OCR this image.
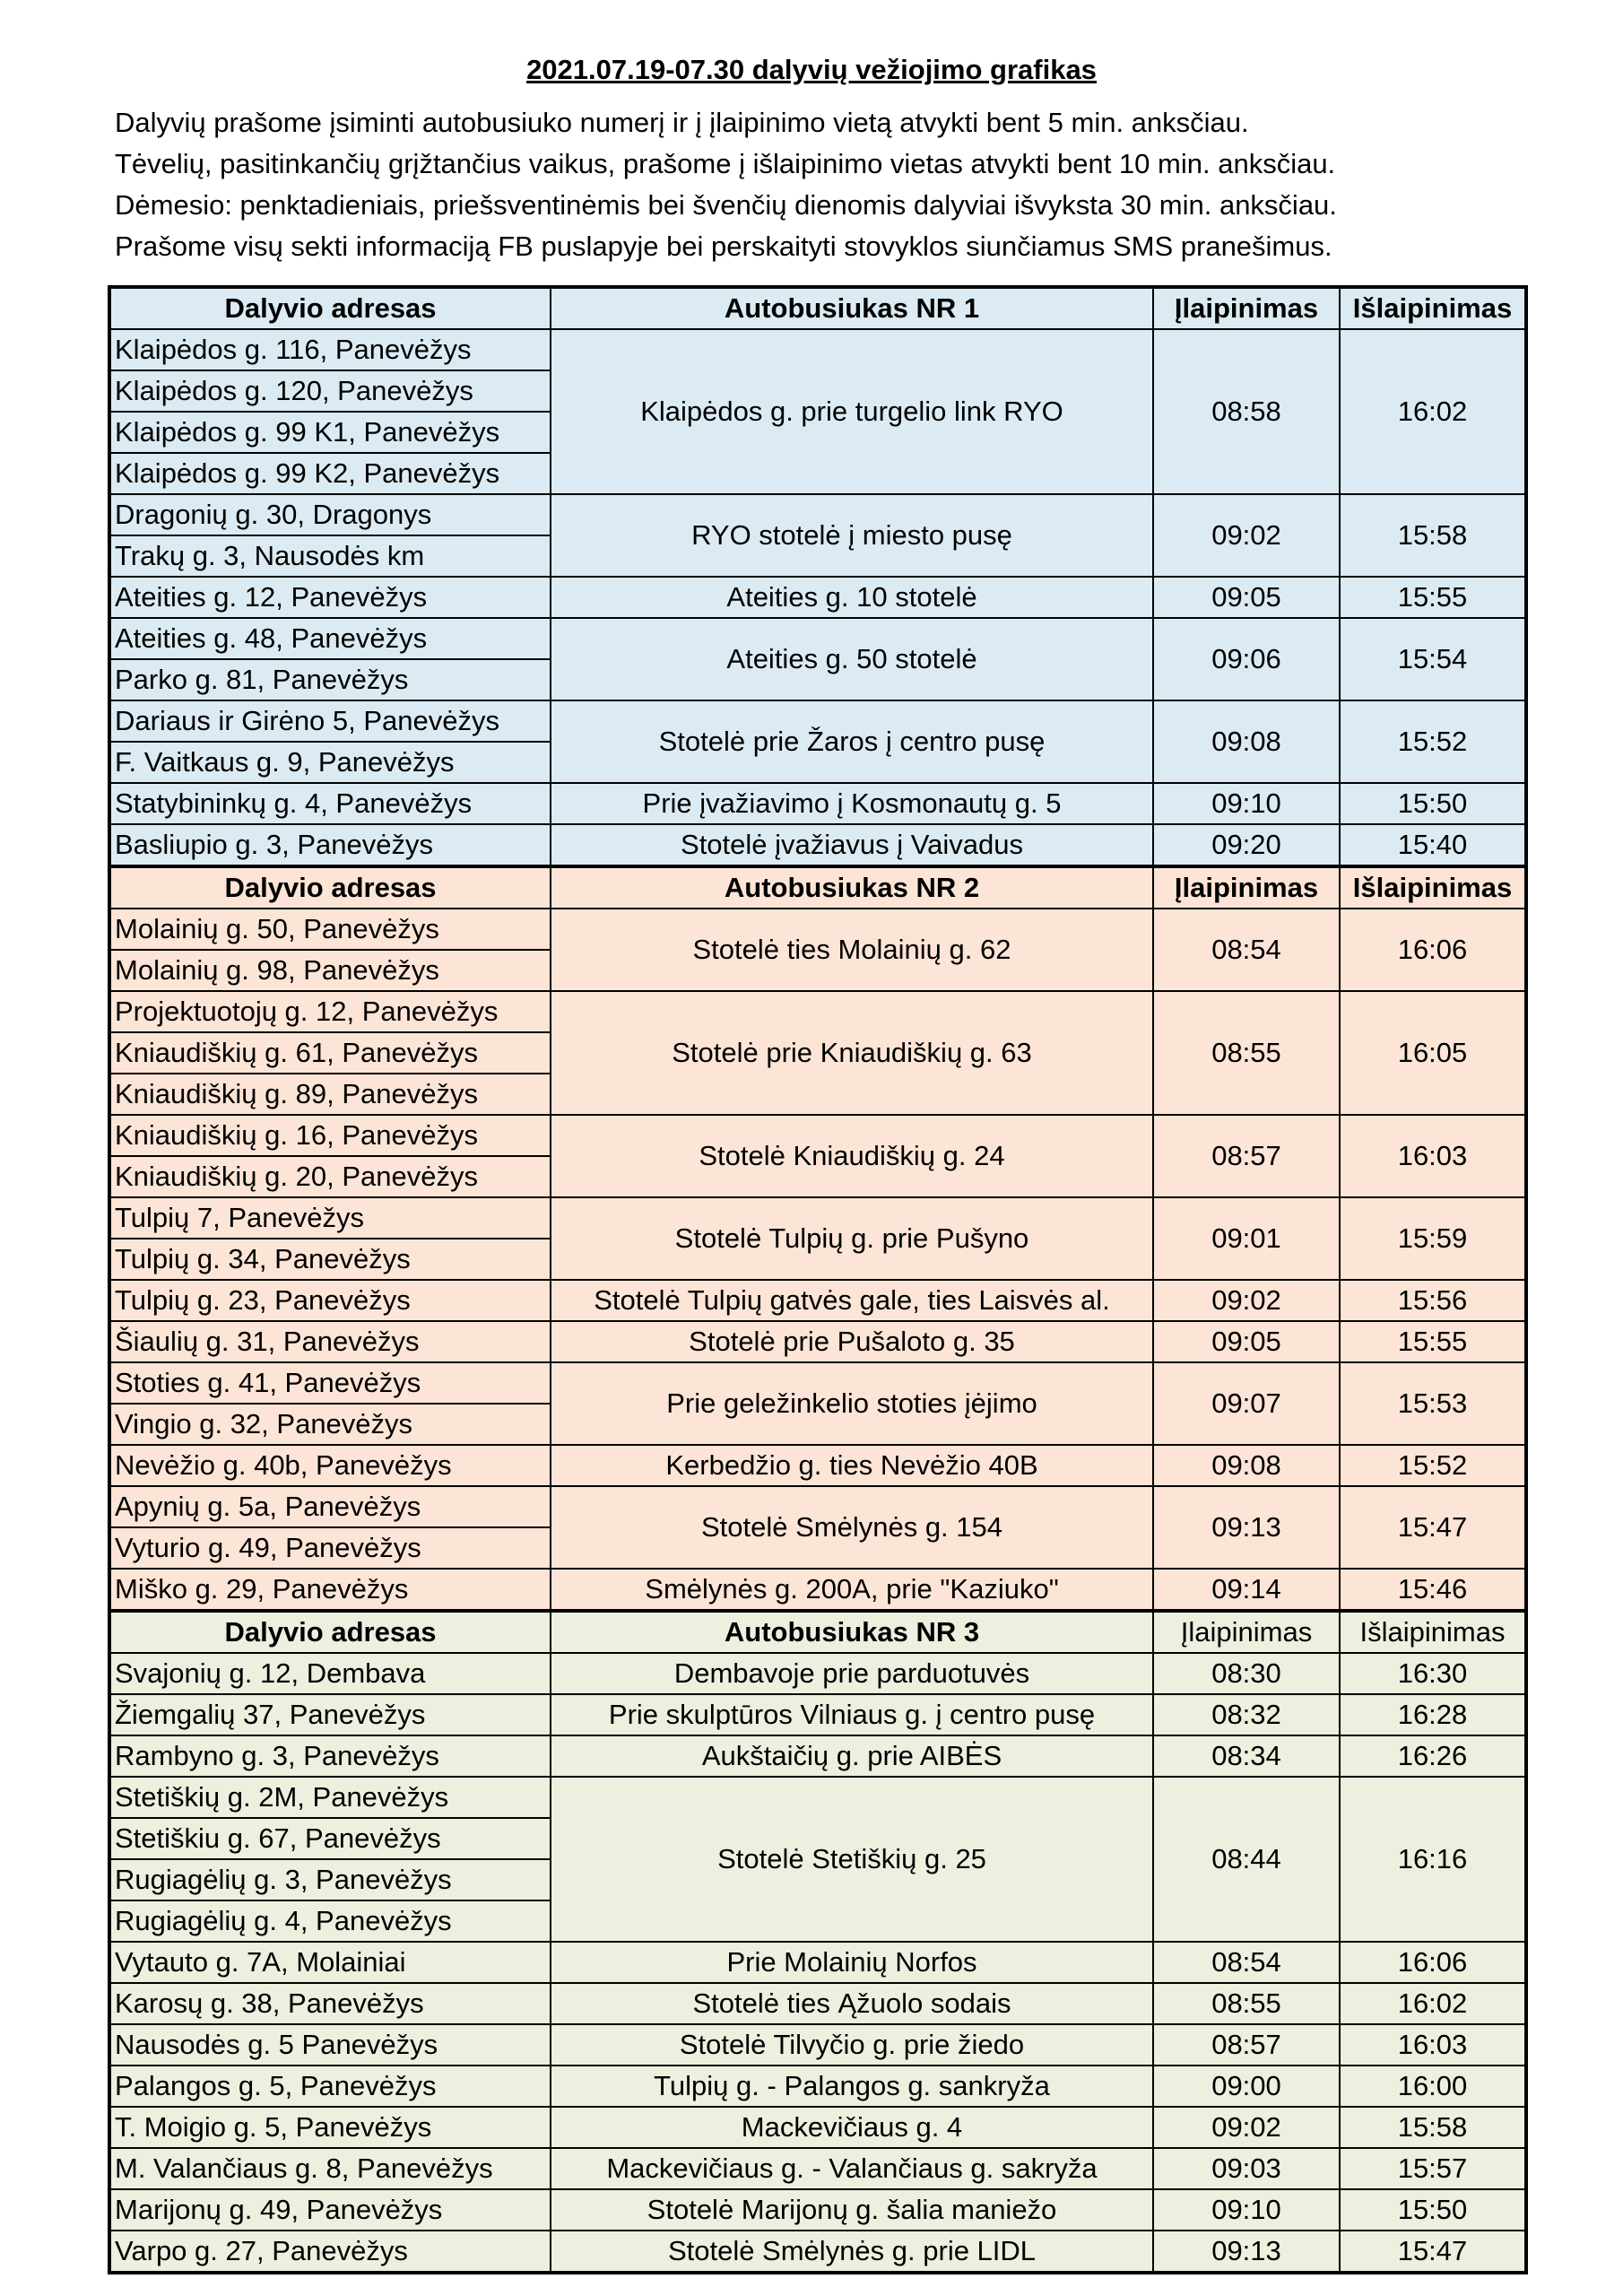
2021.07.19-07.30 dalyvių vežiojimo grafikas
Dalyvių prašome įsiminti autobusiuko numerį ir į įlaipinimo vietą atvykti bent 5 min. anksčiau.
Tėvelių, pasitinkančių grįžtančius vaikus, prašome į išlaipinimo vietas atvykti bent 10 min. anksčiau.
Dėmesio: penktadieniais, priešsventinėmis bei švenčių dienomis dalyviai išvyksta 30 min. anksčiau.
Prašome visų sekti informaciją FB puslapyje bei perskaityti stovyklos siunčiamus SMS pranešimus.
Dalyvio adresas	Autobusiukas NR 1	Įlaipinimas	Išlaipinimas
Klaipėdos g. 116, Panevėžys	Klaipėdos g. prie turgelio link RYO	08:58	16:02
Klaipėdos g. 120, Panevėžys			
Klaipėdos g. 99 K1, Panevėžys			
Klaipėdos g. 99 K2, Panevėžys			
Dragonių g. 30, Dragonys	RYO stotelė į miesto pusę	09:02	15:58
Trakų g. 3, Nausodės km			
Ateities g. 12, Panevėžys	Ateities g. 10 stotelė	09:05	15:55
Ateities g. 48, Panevėžys	Ateities g. 50 stotelė	09:06	15:54
Parko g. 81, Panevėžys			
Dariaus ir Girėno 5, Panevėžys	Stotelė prie Žaros į centro pusę	09:08	15:52
F. Vaitkaus g. 9, Panevėžys			
Statybininkų g. 4, Panevėžys	Prie įvažiavimo į Kosmonautų g. 5	09:10	15:50
Basliupio g. 3, Panevėžys	Stotelė įvažiavus į Vaivadus	09:20	15:40
Dalyvio adresas	Autobusiukas NR 2	Įlaipinimas	Išlaipinimas
Molainių g. 50, Panevėžys	Stotelė ties Molainių g. 62	08:54	16:06
Molainių g. 98, Panevėžys			
Projektuotojų g. 12, Panevėžys	Stotelė prie Kniaudiškių g. 63	08:55	16:05
Kniaudiškių g. 61, Panevėžys			
Kniaudiškių g. 89, Panevėžys			
Kniaudiškių g. 16, Panevėžys	Stotelė Kniaudiškių g. 24	08:57	16:03
Kniaudiškių g. 20, Panevėžys			
Tulpių 7, Panevėžys	Stotelė Tulpių g. prie Pušyno	09:01	15:59
Tulpių g. 34, Panevėžys			
Tulpių g. 23, Panevėžys	Stotelė Tulpių gatvės gale, ties Laisvės al.	09:02	15:56
Šiaulių g. 31, Panevėžys	Stotelė prie Pušaloto g. 35	09:05	15:55
Stoties g. 41, Panevėžys	Prie geležinkelio stoties įėjimo	09:07	15:53
Vingio g. 32, Panevėžys			
Nevėžio g. 40b, Panevėžys	Kerbedžio g. ties Nevėžio 40B	09:08	15:52
Apynių g. 5a, Panevėžys	Stotelė Smėlynės g. 154	09:13	15:47
Vyturio g. 49, Panevėžys			
Miško g. 29, Panevėžys	Smėlynės g. 200A, prie "Kaziuko"	09:14	15:46
Dalyvio adresas	Autobusiukas NR 3	Įlaipinimas	Išlaipinimas
Svajonių g. 12, Dembava	Dembavoje prie parduotuvės	08:30	16:30
Žiemgalių 37, Panevėžys	Prie skulptūros Vilniaus g. į centro pusę	08:32	16:28
Rambyno g. 3, Panevėžys	Aukštaičių g. prie AIBĖS	08:34	16:26
Stetiškių g. 2M, Panevėžys	Stotelė Stetiškių g. 25	08:44	16:16
Stetiškiu g. 67, Panevėžys			
Rugiagėlių g. 3, Panevėžys			
Rugiagėlių g. 4, Panevėžys			
Vytauto g. 7A, Molainiai	Prie Molainių Norfos	08:54	16:06
Karosų g. 38, Panevėžys	Stotelė ties Ąžuolo sodais	08:55	16:02
Nausodės g. 5 Panevėžys	Stotelė Tilvyčio g. prie žiedo	08:57	16:03
Palangos g. 5, Panevėžys	Tulpių g. - Palangos g. sankryža	09:00	16:00
T. Moigio g. 5, Panevėžys	Mackevičiaus g. 4	09:02	15:58
M. Valančiaus g. 8, Panevėžys	Mackevičiaus g. - Valančiaus g. sakryža	09:03	15:57
Marijonų g. 49, Panevėžys	Stotelė Marijonų g. šalia maniežo	09:10	15:50
Varpo g. 27, Panevėžys	Stotelė Smėlynės g. prie LIDL	09:13	15:47
